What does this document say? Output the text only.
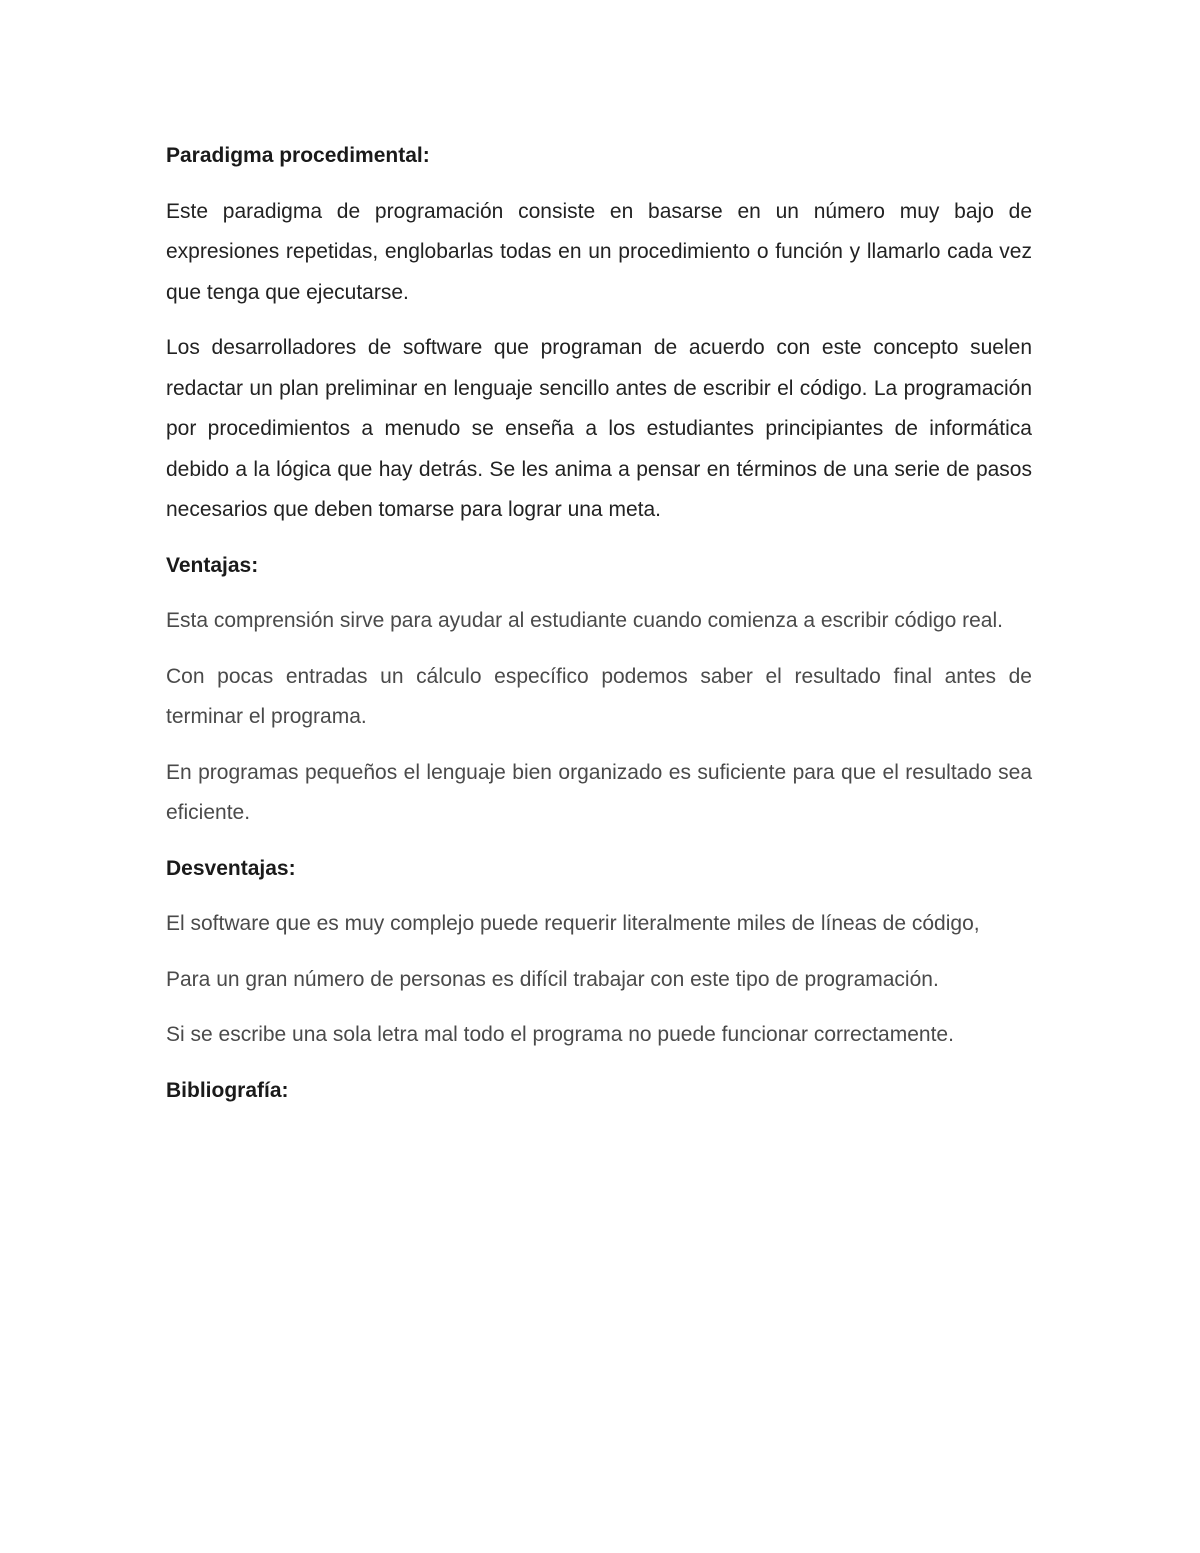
Paradigma procedimental:

Este paradigma de programación consiste en basarse en un número muy bajo de expresiones repetidas, englobarlas todas en un procedimiento o función y llamarlo cada vez que tenga que ejecutarse.

Los desarrolladores de software que programan de acuerdo con este concepto suelen redactar un plan preliminar en lenguaje sencillo antes de escribir el código. La programación por procedimientos a menudo se enseña a los estudiantes principiantes de informática debido a la lógica que hay detrás. Se les anima a pensar en términos de una serie de pasos necesarios que deben tomarse para lograr una meta.

Ventajas:

Esta comprensión sirve para ayudar al estudiante cuando comienza a escribir código real.

Con pocas entradas un cálculo específico podemos saber el resultado final antes de terminar el programa.

En programas pequeños el lenguaje bien organizado es suficiente para que el resultado sea eficiente.

Desventajas:

El software que es muy complejo puede requerir literalmente miles de líneas de código,

Para un gran número de personas es difícil trabajar con este tipo de programación.

Si se escribe una sola letra mal todo el programa no puede funcionar correctamente.

Bibliografía:
